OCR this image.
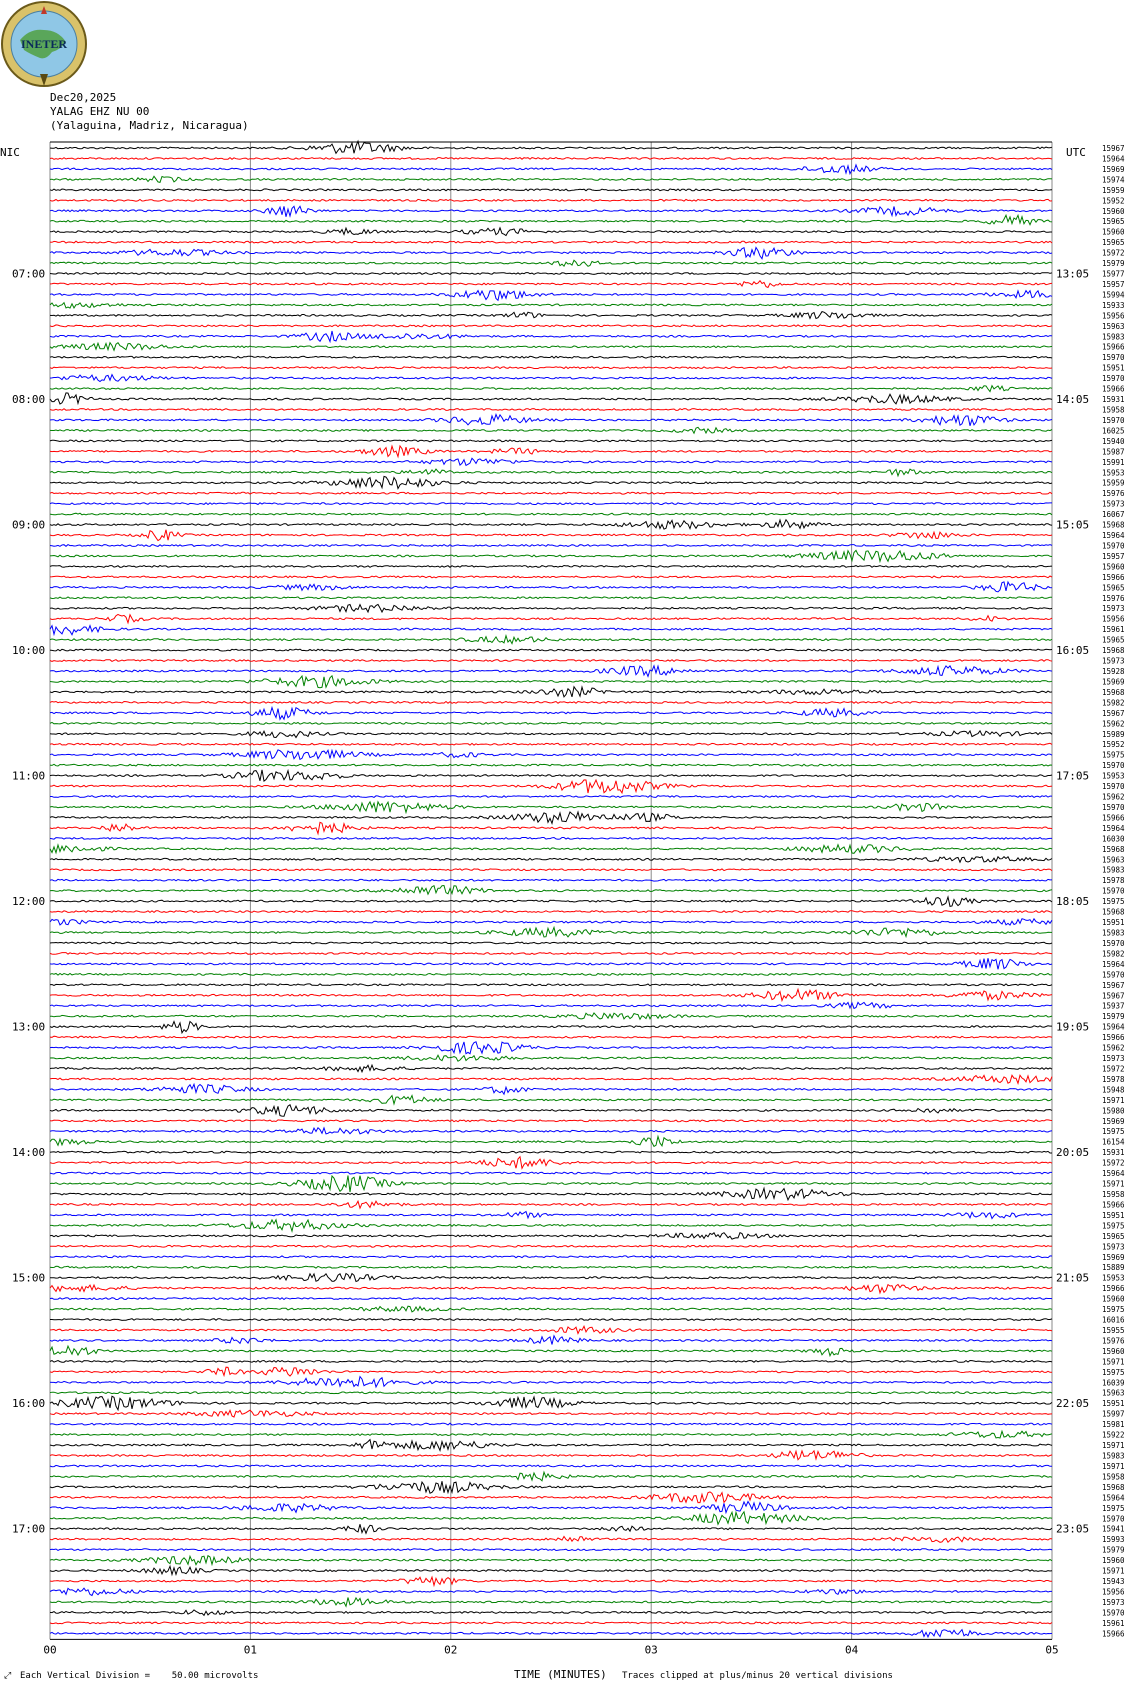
INETER
Dec20,2025
YALAG EHZ NU 00
(Yalaguina, Madriz, Nicaragua)
NIC	UTC
07:00
08:00
09:00
10:00
11:00
12:00
13:00
14:00
15:00
16:00
17:00
13:05
14:05
15:05
16:05
17:05
18:05
19:05
20:05
21:05
22:05
23:05
15967
15964
15969
15974
15959
15952
15960
15965
15960
15965
15972
15979
15977
15957
15994
15933
15956
15963
15983
15966
15970
15951
15970
15966
15931
15958
15970
16025
15940
15987
15991
15953
15959
15976
15973
16067
15968
15964
15970
15957
15960
15966
15965
15976
15973
15956
15961
15965
15968
15973
15928
15969
15968
15982
15967
15962
15989
15952
15975
15970
15953
15970
15962
15970
15966
15964
16030
15968
15963
15983
15978
15970
15975
15968
15951
15983
15970
15982
15964
15970
15967
15967
15937
15979
15964
15966
15962
15973
15972
15978
15948
15971
15980
15969
15975
16154
15931
15972
15964
15971
15958
15966
15951
15975
15965
15973
15969
15889
15953
15966
15960
15975
16016
15955
15976
15960
15971
15975
16039
15963
15951
15997
15981
15922
15971
15983
15971
15958
15968
15964
15975
15970
15941
15993
15979
15960
15971
15943
15956
15973
15970
15961
15966
00	01	02	03	04	05
⤢ Each Vertical Division =    50.00 microvolts	TIME (MINUTES) Traces clipped at plus/minus 20 vertical divisions
